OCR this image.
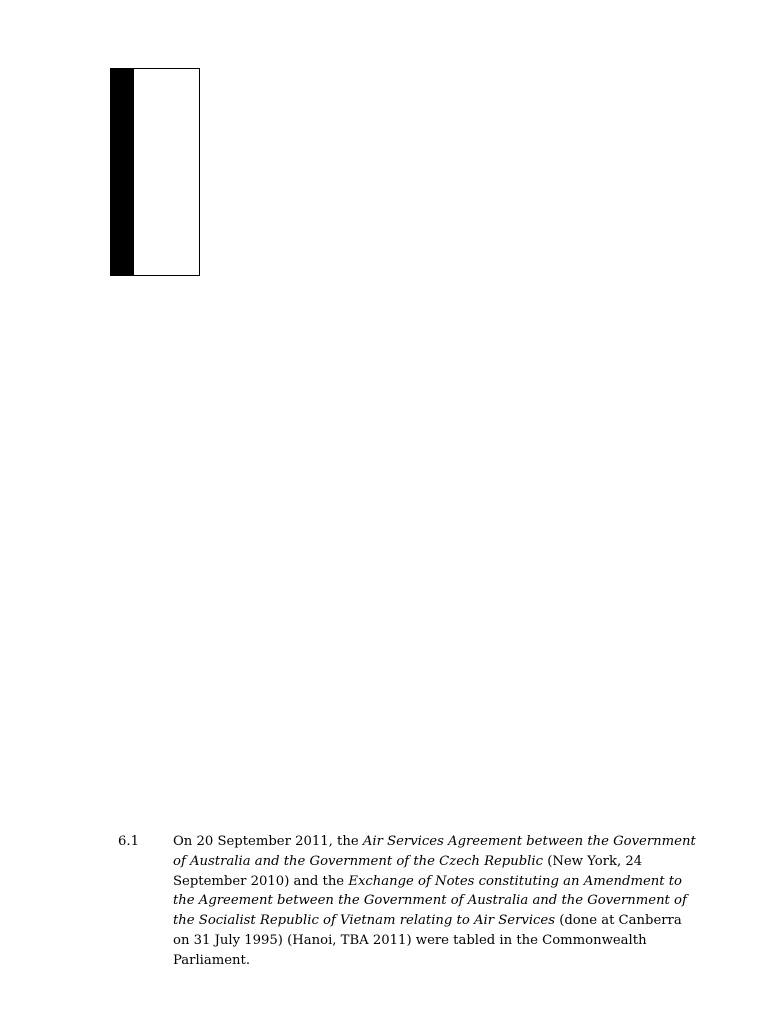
6.1	On 20 September 2011, the Air Services Agreement between the Government of Australia and the Government of the Czech Republic (New York, 24 September 2010) and the Exchange of Notes constituting an Amendment to the Agreement between the Government of Australia and the Government of the Socialist Republic of Vietnam relating to Air Services (done at Canberra on 31 July 1995) (Hanoi, TBA 2011) were tabled in the Commonwealth Parliament.
